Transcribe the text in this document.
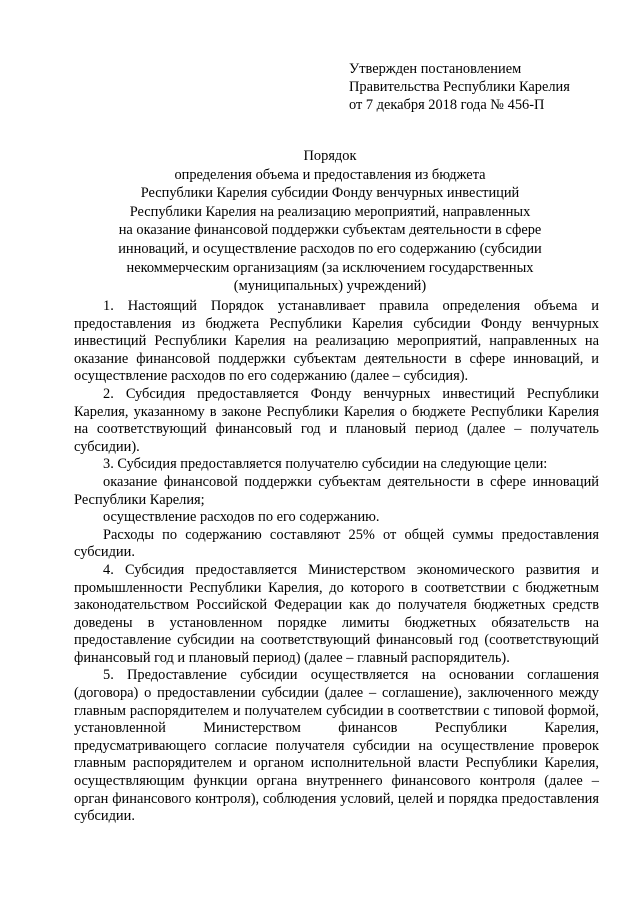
Утвержден постановлением
Правительства Республики Карелия
от 7 декабря 2018 года № 456-П
Порядок
определения объема и предоставления из бюджета
Республики Карелия субсидии Фонду венчурных инвестиций
Республики Карелия на реализацию мероприятий, направленных
на оказание финансовой поддержки субъектам деятельности в сфере
инноваций, и осуществление расходов по его содержанию (субсидии
некоммерческим организациям (за исключением государственных
(муниципальных) учреждений)

1. Настоящий Порядок устанавливает правила определения объема и предоставления из бюджета Республики Карелия субсидии Фонду венчурных инвестиций Республики Карелия на реализацию мероприятий, направленных на оказание финансовой поддержки субъектам деятельности в сфере инноваций, и осуществление расходов по его содержанию (далее – субсидия).

2. Субсидия предоставляется Фонду венчурных инвестиций Республики Карелия, указанному в законе Республики Карелия о бюджете Республики Карелия на соответствующий финансовый год и плановый период (далее – получатель субсидии).

3. Субсидия предоставляется получателю субсидии на следующие цели:

оказание финансовой поддержки субъектам деятельности в сфере инноваций Республики Карелия;

осуществление расходов по его содержанию.

Расходы по содержанию составляют 25% от общей суммы предоставления субсидии.

4. Субсидия предоставляется Министерством экономического развития и промышленности Республики Карелия, до которого в соответствии с бюджетным законодательством Российской Федерации как до получателя бюджетных средств доведены в установленном порядке лимиты бюджетных обязательств на предоставление субсидии на соответствующий финансовый год (соответствующий финансовый год и плановый период) (далее – главный распорядитель).

5. Предоставление субсидии осуществляется на основании соглашения (договора) о предоставлении субсидии (далее – соглашение), заключенного между главным распорядителем и получателем субсидии в соответствии с типовой формой, установленной Министерством финансов Республики Карелия, предусматривающего согласие получателя субсидии на осуществление проверок главным распорядителем и органом исполнительной власти Республики Карелия, осуществляющим функции органа внутреннего финансового контроля (далее – орган финансового контроля), соблюдения условий, целей и порядка предоставления субсидии.
